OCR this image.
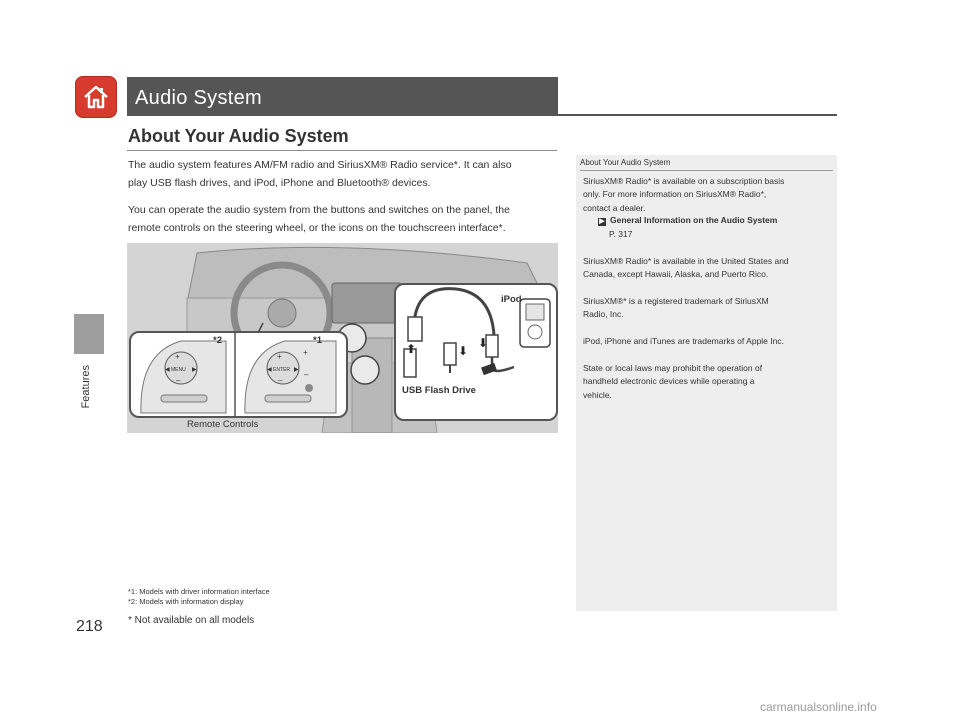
Audio System
Features
218
About Your Audio System
The audio system features AM/FM radio and SiriusXM® Radio service*. It can also
play USB flash drives, and iPod, iPhone and Bluetooth® devices.
You can operate the audio system from the buttons and switches on the panel, the
remote controls on the steering wheel, or the icons on the touchscreen interface*.
+
–
◀	▶
MENU
+
–
◀	▶
ENTER
+
–
*2	*1
Remote Controls
⬆	⬇
⬇
iPod
USB Flash Drive
*1: Models with driver information interface
*2: Models with information display
* Not available on all models
About Your Audio System
SiriusXM® Radio* is available on a subscription basis
only. For more information on SiriusXM® Radio*,
contact a dealer.
▶ General Information on the Audio System
P. 317
SiriusXM® Radio* is available in the United States and
Canada, except Hawaii, Alaska, and Puerto Rico.
SiriusXM®* is a registered trademark of SiriusXM
Radio, Inc.
iPod, iPhone and iTunes are trademarks of Apple Inc.
State or local laws may prohibit the operation of
handheld electronic devices while operating a
vehicle.
carmanualsonline.info
